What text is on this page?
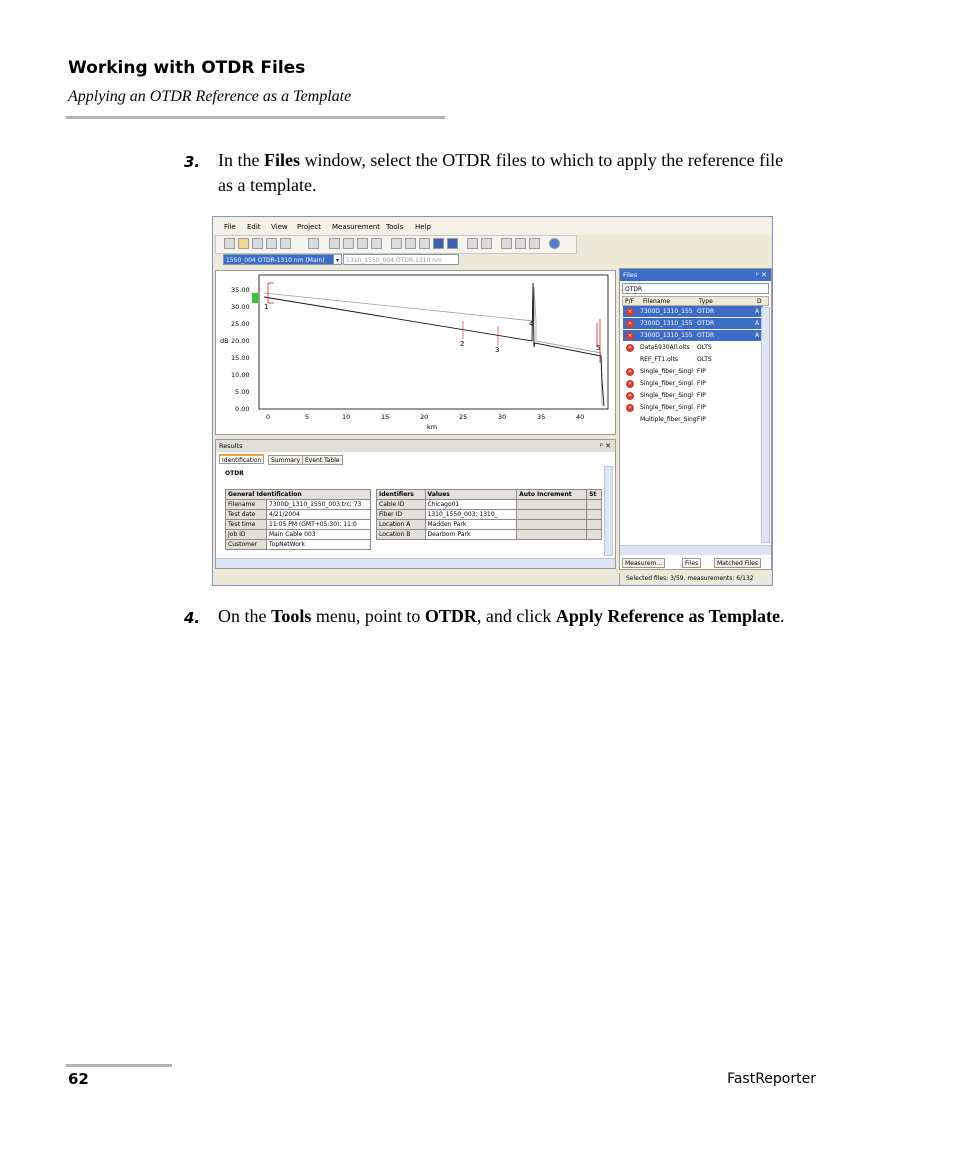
Working with OTDR Files
Applying an OTDR Reference as a Template
3. In the Files window, select the OTDR files to which to apply the reference file as a template.
File Edit View Project Measurement Tools Help
1550_004 OTDR-1310 nm (Main)	▾	1310_1550_004 OTDR-1310 nm
35.00
30.00
25.00
20.00
15.00
10.00
5.00
0.00
dB
0	5	10	15	20	25	30	35	40
km
1
2
3
4
5
Results	ᵖ ✕
Identification	Summary Event Table
OTDR
General Identification	
Filename	7300D_1310_1550_003.trc; 73
Test date	4/21/2004
Test time	11:05 PM (GMT+05:30); 11:0
Job ID	Main Cable 003
Customer	TopNetWork
Identifiers	Values	Auto Increment	St
Cable ID	Chicago01		
Fiber ID	1310_1550_003; 1310_		
Location A	Madden Park		
Location B	Dearborn Park		
Files	ᵖ ✕
OTDR
P/F Filename	Type	D
✕	7300D_1310_155 OTDR	A
✕	7300D_1310_155 OTDR	A
✕	7300D_1310_155 OTDR	A
✕	Data5930All.olts OLTS
REF_FT1.olts	OLTS
✕	Single_fiber_Singl FIP
✕	Single_fiber_Singl FIP
✕	Single_fiber_Singl FIP
✕	Single_fiber_Singl FIP
Multiple_fiber_Sing FIP
Measurem...	Files	Matched Files
Selected files: 3/59, measurements: 6/132
4. On the Tools menu, point to OTDR, and click Apply Reference as Template.
62	FastReporter
